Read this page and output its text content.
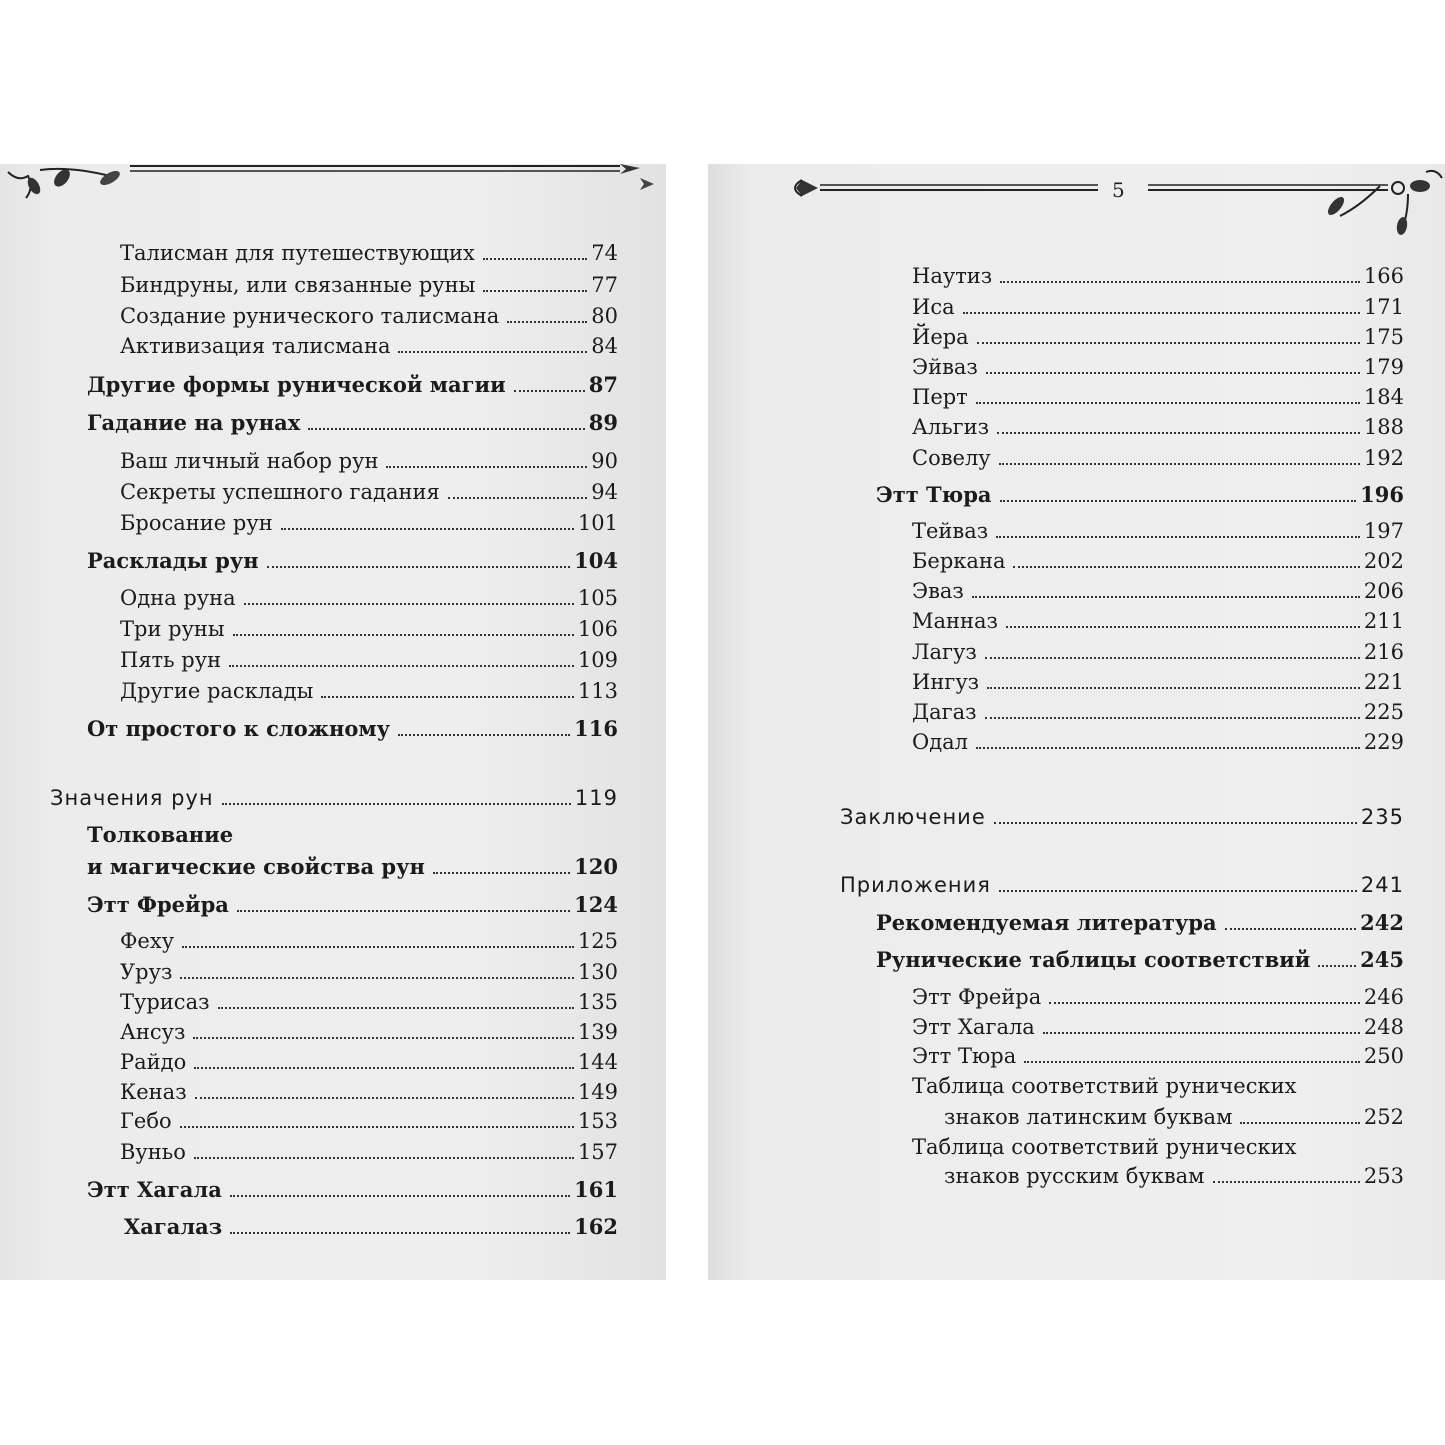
5
Талисман для путешествующих	74
Биндруны, или связанные руны	77
Создание рунического талисмана	80
Активизация талисмана	84
Другие формы рунической магии	87
Гадание на рунах	89
Ваш личный набор рун	90
Секреты успешного гадания	94
Бросание рун	101
Расклады рун	104
Одна руна	105
Три руны	106
Пять рун	109
Другие расклады	113
От простого к сложному	116
Значения рун	119
Толкование
и магические свойства рун	120
Этт Фрейра	124
Феху	125
Уруз	130
Турисаз	135
Ансуз	139
Райдо	144
Кеназ	149
Гебо	153
Вуньо	157
Этт Хагала	161
Хагалаз	162
Наутиз	166
Иса	171
Йера	175
Эйваз	179
Перт	184
Альгиз	188
Совелу	192
Этт Тюра	196
Тейваз	197
Беркана	202
Эваз	206
Манназ	211
Лагуз	216
Ингуз	221
Дагаз	225
Одал	229
Заключение	235
Приложения	241
Рекомендуемая литература	242
Рунические таблицы соответствий 245
Этт Фрейра	246
Этт Хагала	248
Этт Тюра	250
Таблица соответствий рунических
знаков латинским буквам	252
Таблица соответствий рунических
знаков русским буквам	253
